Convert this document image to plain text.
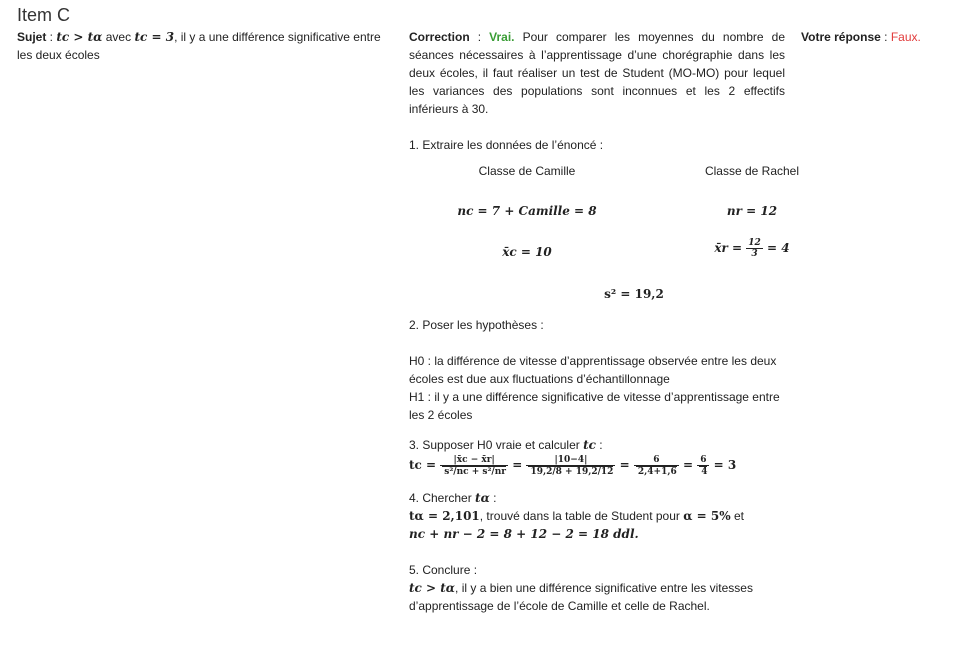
Item C
Sujet : tc > tα avec tc = 3, il y a une différence significative entre les deux écoles

Correction : Vrai. Pour comparer les moyennes du nombre de séances nécessaires à l’apprentissage d’une chorégraphie dans les deux écoles, il faut réaliser un test de Student (MO-MO) pour lequel les variances des populations sont inconnues et les 2 effectifs inférieurs à 30.

1. Extraire les données de l’énoncé :

Classe de Camille	Classe de Rachel
nc = 7 + Camille = 8	nr = 12
x̄c = 10	x̄r = $\frac{12}{3} = 4$
s² = 19,2

2. Poser les hypothèses :

H0 : la différence de vitesse d’apprentissage observée entre les deux écoles est due aux fluctuations d’échantillonnage

H1 : il y a une différence significative de vitesse d’apprentissage entre les 2 écoles

3. Supposer H0 vraie et calculer tc :

tc = $\frac{|x̄c - x̄r|}{\text{s²/nc + s²/nr}} = \frac{|10-4|}{19,2/8 + 19,2/12} = \frac{6}{2,4+1,6} = \frac{6}{4} = 3$

4. Chercher tα :

tα = 2,101, trouvé dans la table de Student pour α = 5% et

nc + nr − 2 = 8 + 12 − 2 = 18 ddl.

5. Conclure :

tc > tα, il y a bien une différence significative entre les vitesses d’apprentissage de l’école de Camille et celle de Rachel.

Votre réponse : Faux.
